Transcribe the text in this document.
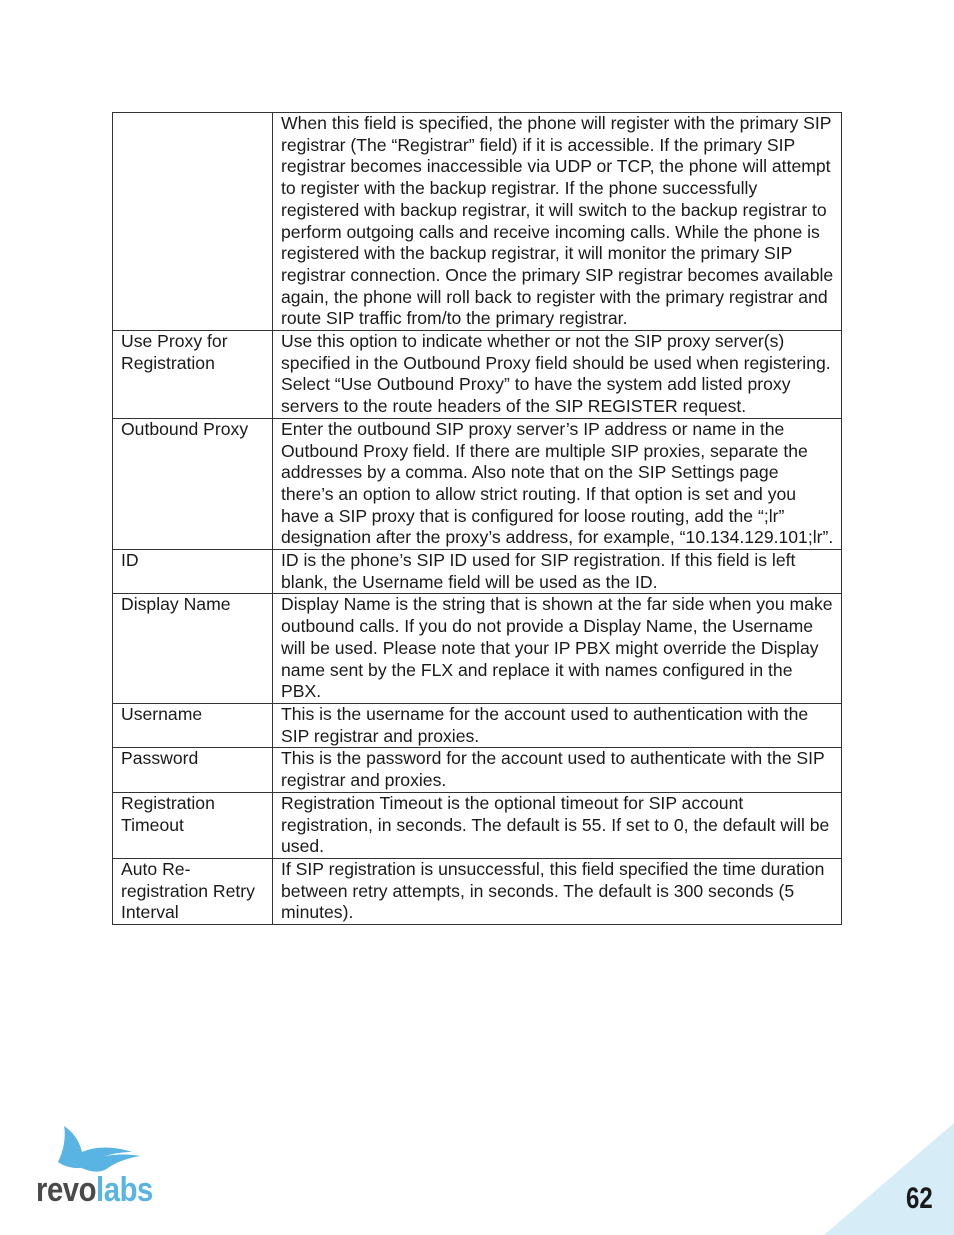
	When this field is specified, the phone will register with the primary SIP registrar (The “Registrar” field) if it is accessible. If the primary SIP registrar becomes inaccessible via UDP or TCP, the phone will attempt to register with the backup registrar. If the phone successfully registered with backup registrar, it will switch to the backup registrar to perform outgoing calls and receive incoming calls. While the phone is registered with the backup registrar, it will monitor the primary SIP registrar connection. Once the primary SIP registrar becomes available again, the phone will roll back to register with the primary registrar and route SIP traffic from/to the primary registrar.
Use Proxy for Registration	Use this option to indicate whether or not the SIP proxy server(s) specified in the Outbound Proxy field should be used when registering. Select “Use Outbound Proxy” to have the system add listed proxy servers to the route headers of the SIP REGISTER request.
Outbound Proxy	Enter the outbound SIP proxy server’s IP address or name in the Outbound Proxy field. If there are multiple SIP proxies, separate the addresses by a comma. Also note that on the SIP Settings page there’s an option to allow strict routing. If that option is set and you have a SIP proxy that is configured for loose routing, add the “;lr” designation after the proxy’s address, for example, “10.134.129.101;lr”.
ID	ID is the phone’s SIP ID used for SIP registration. If this field is left blank, the Username field will be used as the ID.
Display Name	Display Name is the string that is shown at the far side when you make outbound calls. If you do not provide a Display Name, the Username will be used. Please note that your IP PBX might override the Display name sent by the FLX and replace it with names configured in the PBX.
Username	This is the username for the account used to authentication with the SIP registrar and proxies.
Password	This is the password for the account used to authenticate with the SIP registrar and proxies.
Registration Timeout	Registration Timeout is the optional timeout for SIP account registration, in seconds. The default is 55. If set to 0, the default will be used.
Auto Re-registration Retry Interval	If SIP registration is unsuccessful, this field specified the time duration between retry attempts, in seconds. The default is 300 seconds (5 minutes).
revolabs	62
